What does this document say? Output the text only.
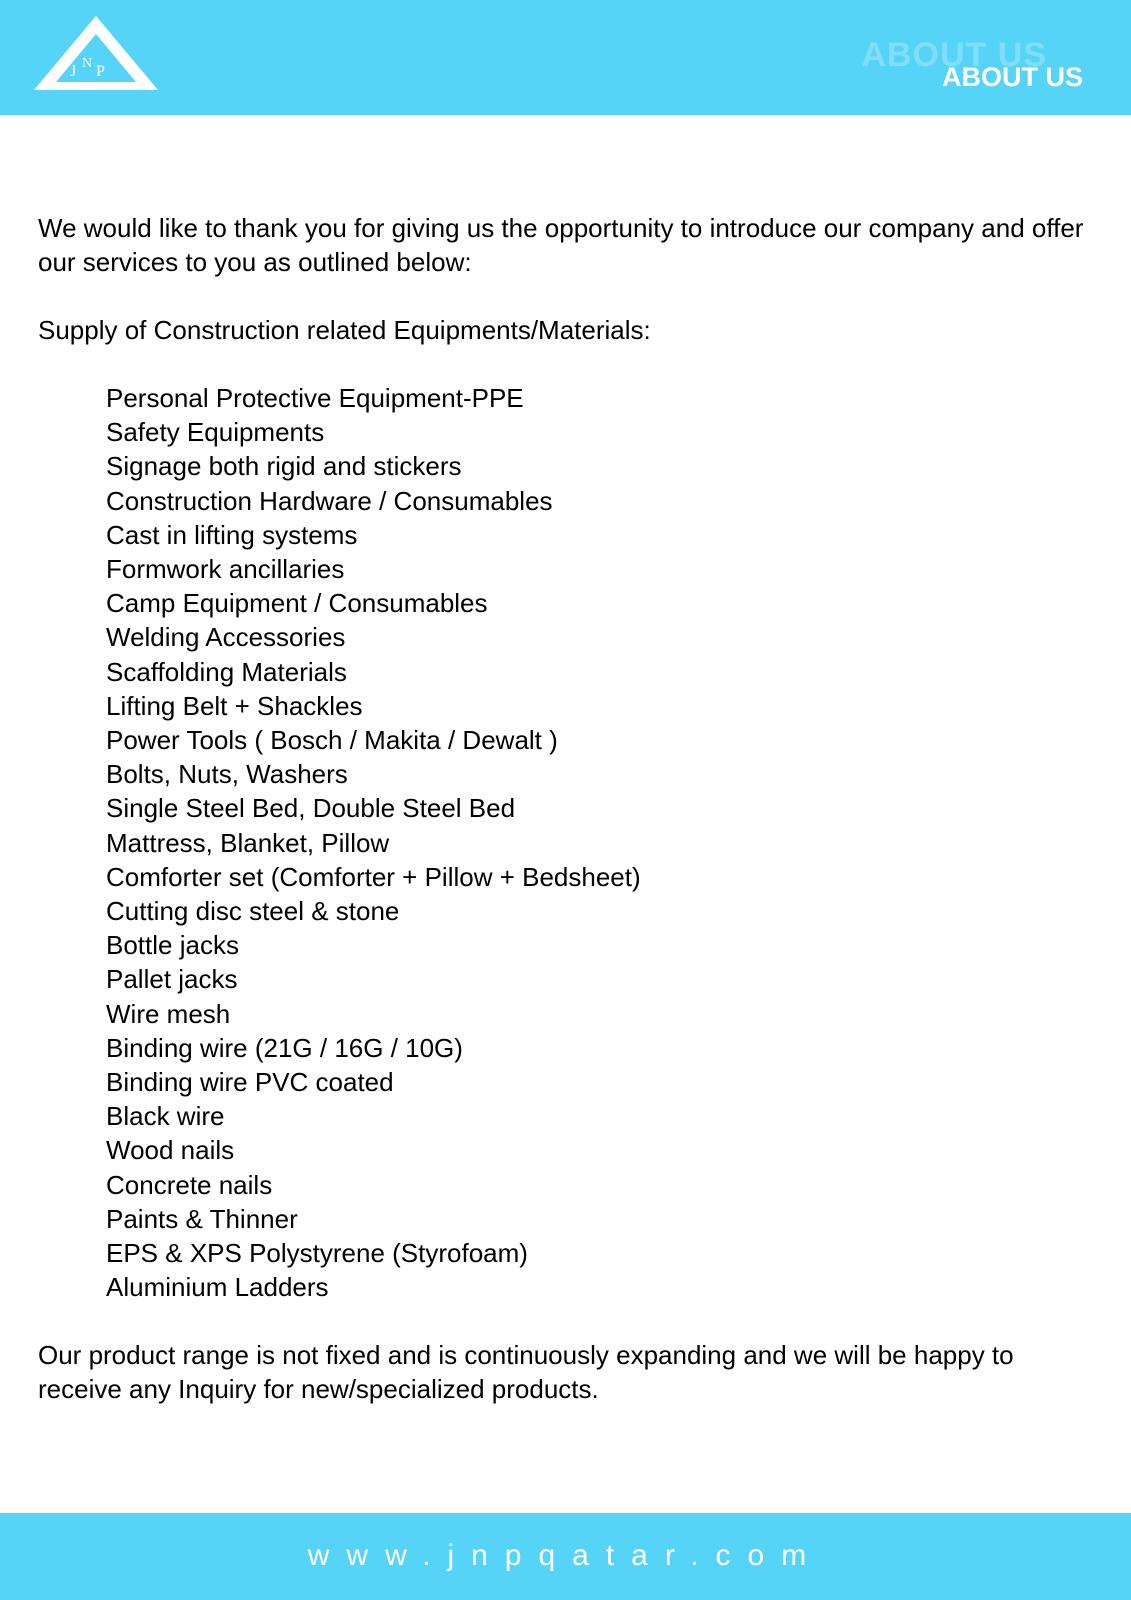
J N P	ABOUT US
ABOUT US

We would like to thank you for giving us the opportunity to introduce our company and offer our services to you as outlined below:

Supply of Construction related Equipments/Materials:

Personal Protective Equipment-PPE
Safety Equipments
Signage both rigid and stickers
Construction Hardware / Consumables
Cast in lifting systems
Formwork ancillaries
Camp Equipment / Consumables
Welding Accessories
Scaffolding Materials
Lifting Belt + Shackles
Power Tools ( Bosch / Makita / Dewalt )
Bolts, Nuts, Washers
Single Steel Bed, Double Steel Bed
Mattress, Blanket, Pillow
Comforter set (Comforter + Pillow + Bedsheet)
Cutting disc steel & stone
Bottle jacks
Pallet jacks
Wire mesh
Binding wire (21G / 16G / 10G)
Binding wire PVC coated
Black wire
Wood nails
Concrete nails
Paints & Thinner
EPS & XPS Polystyrene (Styrofoam)
Aluminium Ladders

Our product range is not fixed and is continuously expanding and we will be happy to receive any Inquiry for new/specialized products.

www.jnpqatar.com
